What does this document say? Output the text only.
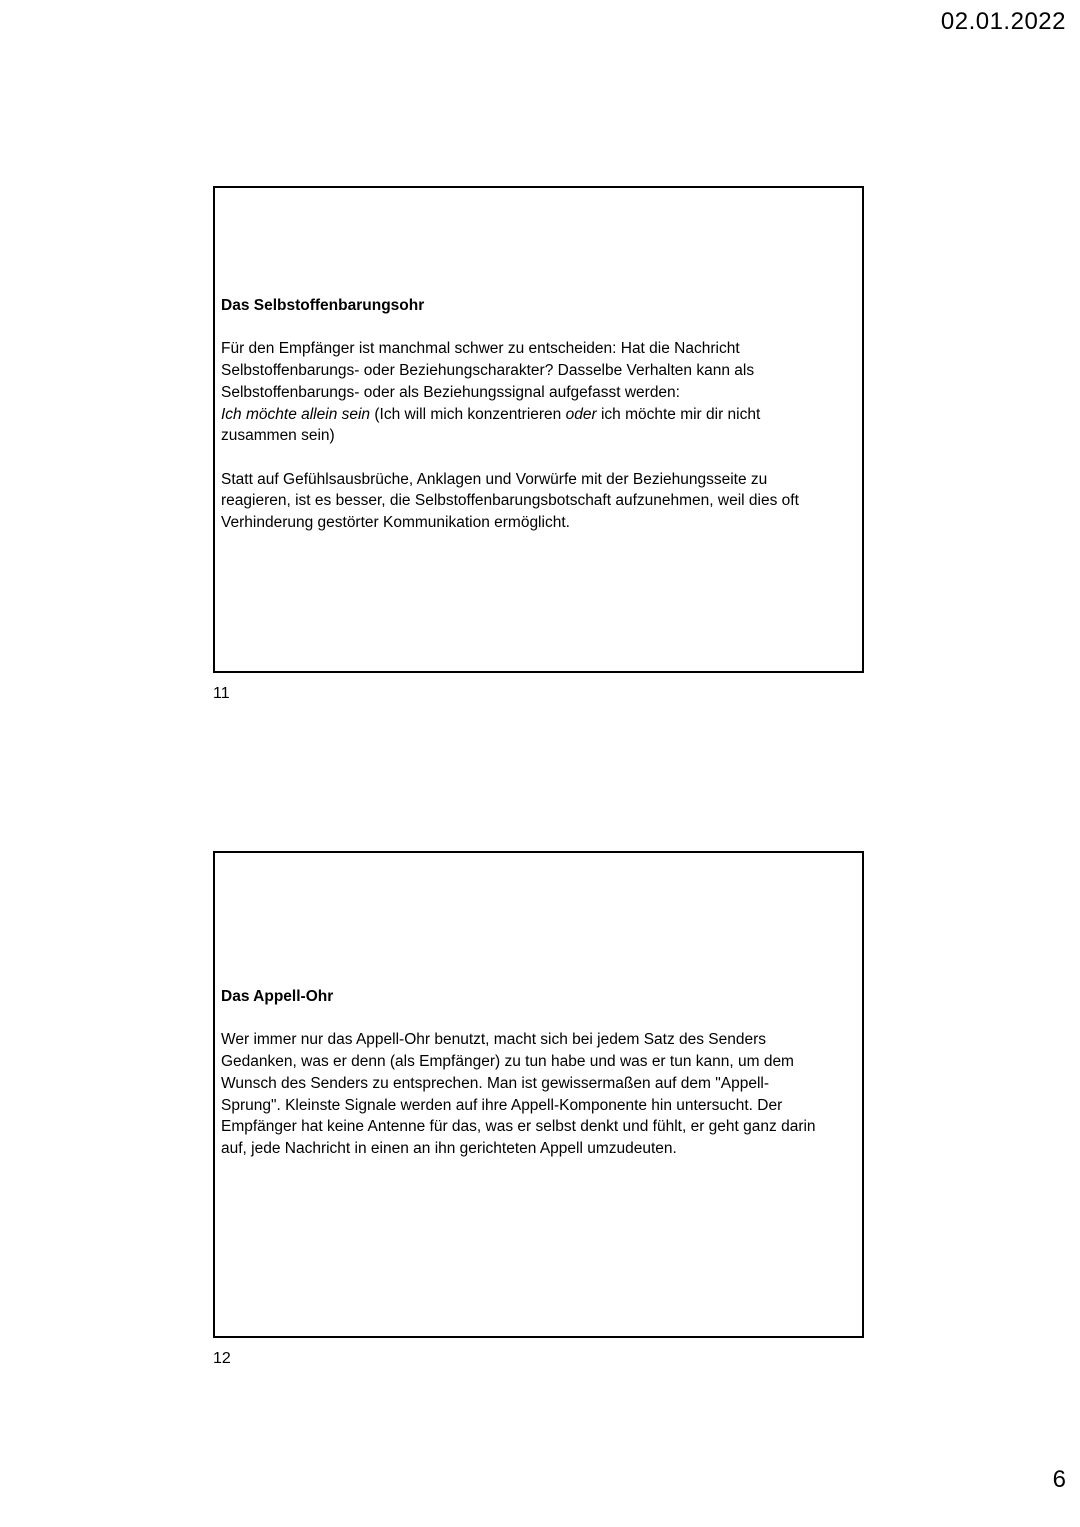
02.01.2022

Das Selbstoffenbarungsohr

Für den Empfänger ist manchmal schwer zu entscheiden: Hat die Nachricht

Selbstoffenbarungs- oder Beziehungscharakter? Dasselbe Verhalten kann als

Selbstoffenbarungs- oder als Beziehungssignal aufgefasst werden:

Ich möchte allein sein (Ich will mich konzentrieren oder ich möchte mir dir nicht

zusammen sein)

Statt auf Gefühlsausbrüche, Anklagen und Vorwürfe mit der Beziehungsseite zu

reagieren, ist es besser, die Selbstoffenbarungsbotschaft aufzunehmen, weil dies oft

Verhinderung gestörter Kommunikation ermöglicht.

11

Das Appell-Ohr

Wer immer nur das Appell-Ohr benutzt, macht sich bei jedem Satz des Senders

Gedanken, was er denn (als Empfänger) zu tun habe und was er tun kann, um dem

Wunsch des Senders zu entsprechen. Man ist gewissermaßen auf dem "Appell-

Sprung". Kleinste Signale werden auf ihre Appell-Komponente hin untersucht. Der

Empfänger hat keine Antenne für das, was er selbst denkt und fühlt, er geht ganz darin

auf, jede Nachricht in einen an ihn gerichteten Appell umzudeuten.

12
6
